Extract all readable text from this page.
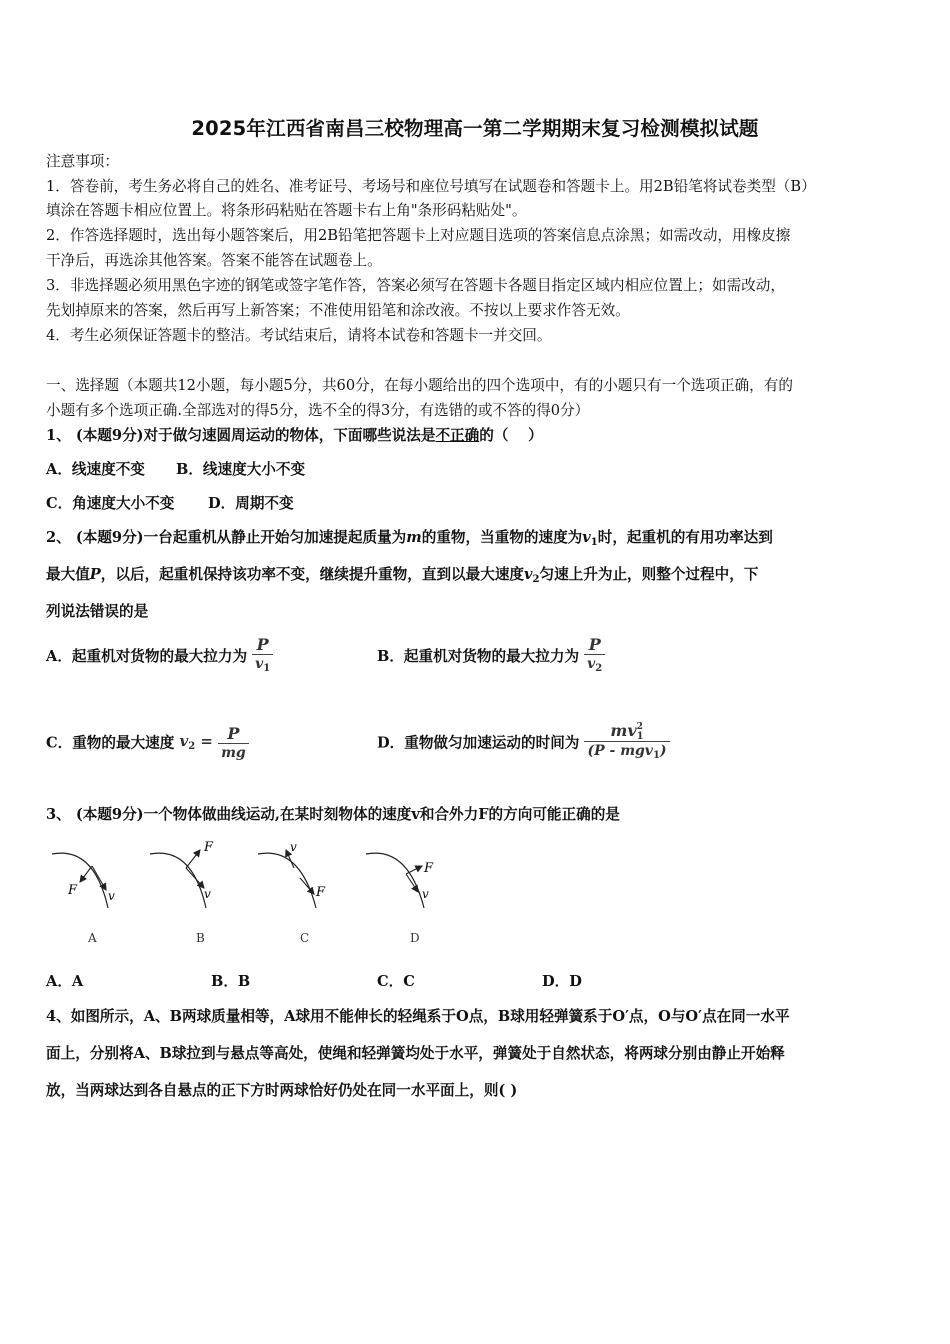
2025年江西省南昌三校物理高一第二学期期末复习检测模拟试题
注意事项：
1．答卷前，考生务必将自己的姓名、准考证号、考场号和座位号填写在试题卷和答题卡上。用2B铅笔将试卷类型（B）
填涂在答题卡相应位置上。将条形码粘贴在答题卡右上角"条形码粘贴处"。
2．作答选择题时，选出每小题答案后，用2B铅笔把答题卡上对应题目选项的答案信息点涂黑；如需改动，用橡皮擦
干净后，再选涂其他答案。答案不能答在试题卷上。
3．非选择题必须用黑色字迹的钢笔或签字笔作答，答案必须写在答题卡各题目指定区域内相应位置上；如需改动，
先划掉原来的答案，然后再写上新答案；不准使用铅笔和涂改液。不按以上要求作答无效。
4．考生必须保证答题卡的整洁。考试结束后，请将本试卷和答题卡一并交回。
一、选择题（本题共12小题，每小题5分，共60分，在每小题给出的四个选项中，有的小题只有一个选项正确，有的
小题有多个选项正确.全部选对的得5分，选不全的得3分，有选错的或不答的得0分）
1、 (本题9分)对于做匀速圆周运动的物体，下面哪些说法是不正确的（　 ）
A．线速度不变 B．线速度大小不变
C．角速度大小不变 D．周期不变
2、 (本题9分)一台起重机从静止开始匀加速提起质量为m的重物，当重物的速度为$v_1$时，起重机的有用功率达到
最大值P，以后，起重机保持该功率不变，继续提升重物，直到以最大速度$v_2$匀速上升为止，则整个过程中，下
列说法错误的是
A．起重机对货物的最大拉力为 $\frac{P}{v_1}$	B．起重机对货物的最大拉力为 $\frac{P}{v_2}$
C．重物的最大速度 $v_2 = \frac{P}{mg}$	D．重物做匀加速运动的时间为 mv 2
1
(P - mgv$_1$)
3、 (本题9分)一个物体做曲线运动,在某时刻物体的速度v和合外力F的方向可能正确的是
F	v
A
F
v
B
v
F
C
F
v
D
A．A	B．B	C．C	D．D
4、如图所示，A、B两球质量相等，A球用不能伸长的轻绳系于O点，B球用轻弹簧系于O′点，O与O′点在同一水平
面上，分别将A、B球拉到与悬点等高处，使绳和轻弹簧均处于水平，弹簧处于自然状态，将两球分别由静止开始释
放，当两球达到各自悬点的正下方时两球恰好仍处在同一水平面上，则( )
